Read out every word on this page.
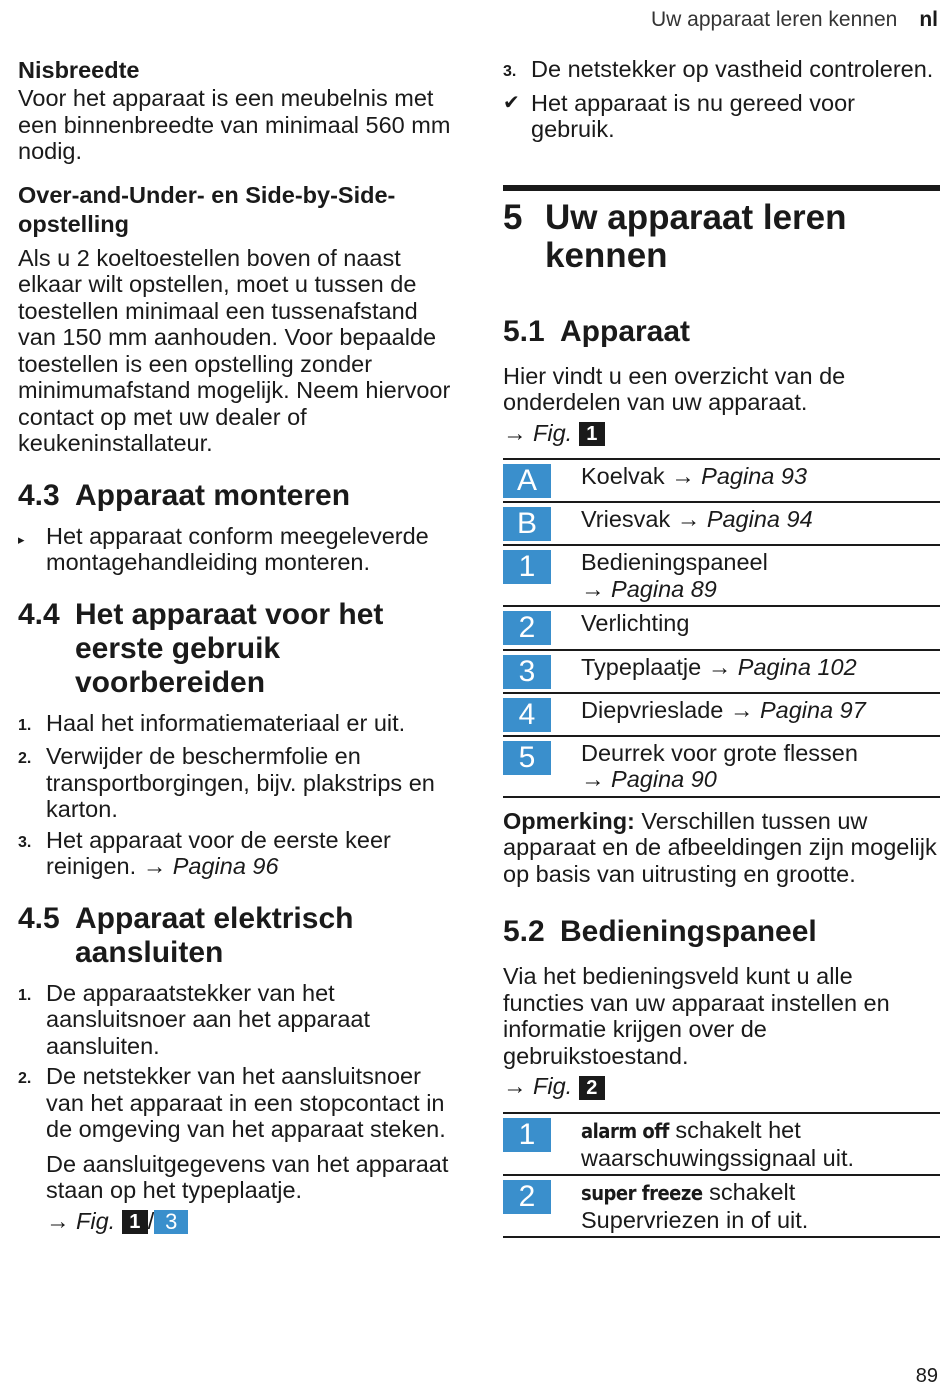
Uw apparaat leren kennen nl

Nisbreedte

Voor het apparaat is een meubelnis met een binnenbreedte van minimaal 560 mm nodig.

Over-and-Under- en Side-by-Side-opstelling

Als u 2 koeltoestellen boven of naast elkaar wilt opstellen, moet u tussen de toestellen minimaal een tussenafstand van 150 mm aanhouden. Voor bepaalde toestellen is een opstelling zonder minimumafstand mogelijk. Neem hiervoor contact op met uw dealer of keukeninstallateur.

4.3 Apparaat monteren
▸ Het apparaat conform meegeleverde montagehandleiding monteren.
4.4 Het apparaat voor het eerste gebruik voorbereiden
1. Haal het informatiemateriaal er uit.
2. Verwijder de beschermfolie en transportborgingen, bijv. plakstrips en karton.
3. Het apparaat voor de eerste keer reinigen. → Pagina 96
4.5 Apparaat elektrisch aansluiten
1. De apparaatstekker van het aansluitsnoer aan het apparaat aansluiten.
2. De netstekker van het aansluitsnoer van het apparaat in een stopcontact in de omgeving van het apparaat steken.

De aansluitgegevens van het apparaat staan op het typeplaatje.

→ Fig. 1 / 3

3. De netstekker op vastheid controleren.
✔ Het apparaat is nu gereed voor gebruik.
5 Uw apparaat leren kennen
5.1 Apparaat

Hier vindt u een overzicht van de onderdelen van uw apparaat.

→ Fig. 1

A	Koelvak → Pagina 93
B	Vriesvak → Pagina 94
1	Bedieningspaneel
→ Pagina 89
2	Verlichting
3	Typeplaatje → Pagina 102
4	Diepvrieslade → Pagina 97
5	Deurrek voor grote flessen
→ Pagina 90

Opmerking: Verschillen tussen uw apparaat en de afbeeldingen zijn mogelijk op basis van uitrusting en grootte.

5.2 Bedieningspaneel

Via het bedieningsveld kunt u alle functies van uw apparaat instellen en informatie krijgen over de gebruikstoestand.

→ Fig. 2

1	alarm off schakelt het waarschuwingssignaal uit.
2	super freeze schakelt Supervriezen in of uit.
89
